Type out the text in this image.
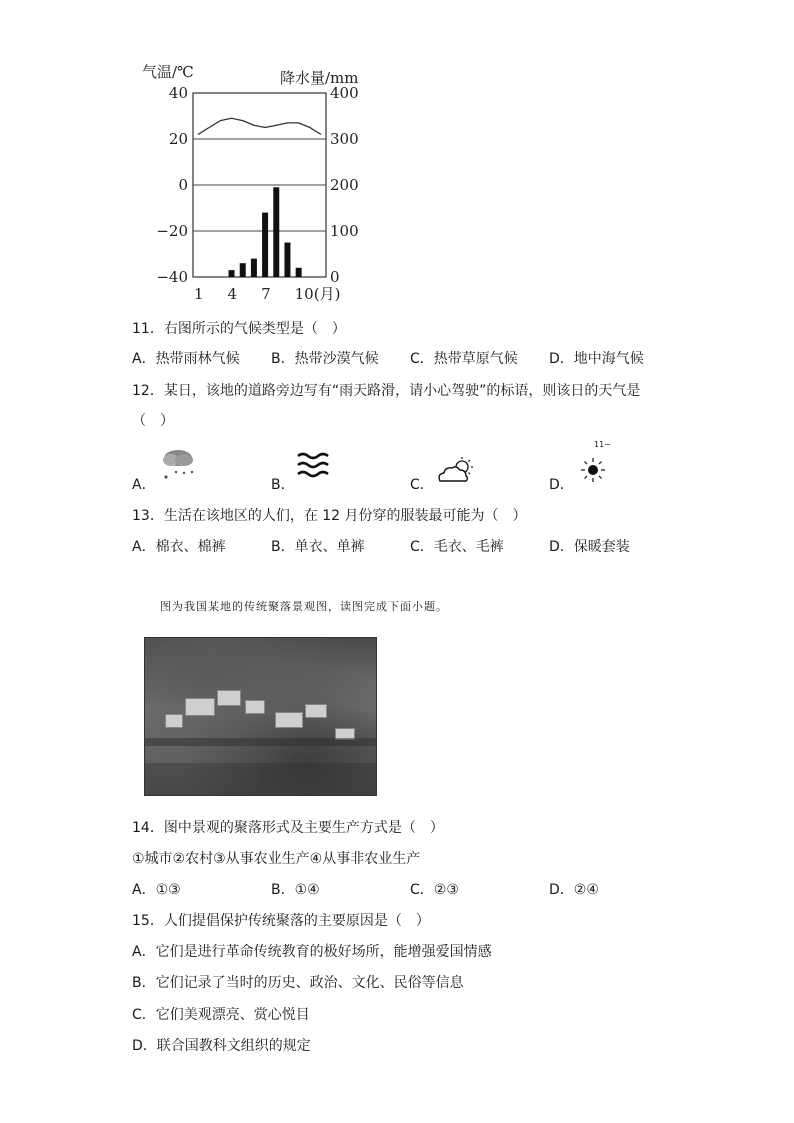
气温/℃	降水量/mm
40	400
20	300
0	200
−20	100
−40	0
1 4 7 10(月)
11．右图所示的气候类型是（　）
A．热带雨林气候 B．热带沙漠气候 C．热带草原气候 D．地中海气候
12．某日，该地的道路旁边写有“雨天路滑，请小心驾驶”的标语，则该日的天气是
（　）
A．	B．	C．	D．
11~
13．生活在该地区的人们，在 12 月份穿的服装最可能为（　）
A．棉衣、棉裤	B．单衣、单裤	C．毛衣、毛裤	D．保暖套装
图为我国某地的传统聚落景观图，读图完成下面小题。
14．图中景观的聚落形式及主要生产方式是（　）
①城市②农村③从事农业生产④从事非农业生产
A．①③	B．①④	C．②③	D．②④
15．人们提倡保护传统聚落的主要原因是（　）
A．它们是进行革命传统教育的极好场所，能增强爱国情感
B．它们记录了当时的历史、政治、文化、民俗等信息
C．它们美观漂亮、赏心悦目
D．联合国教科文组织的规定
